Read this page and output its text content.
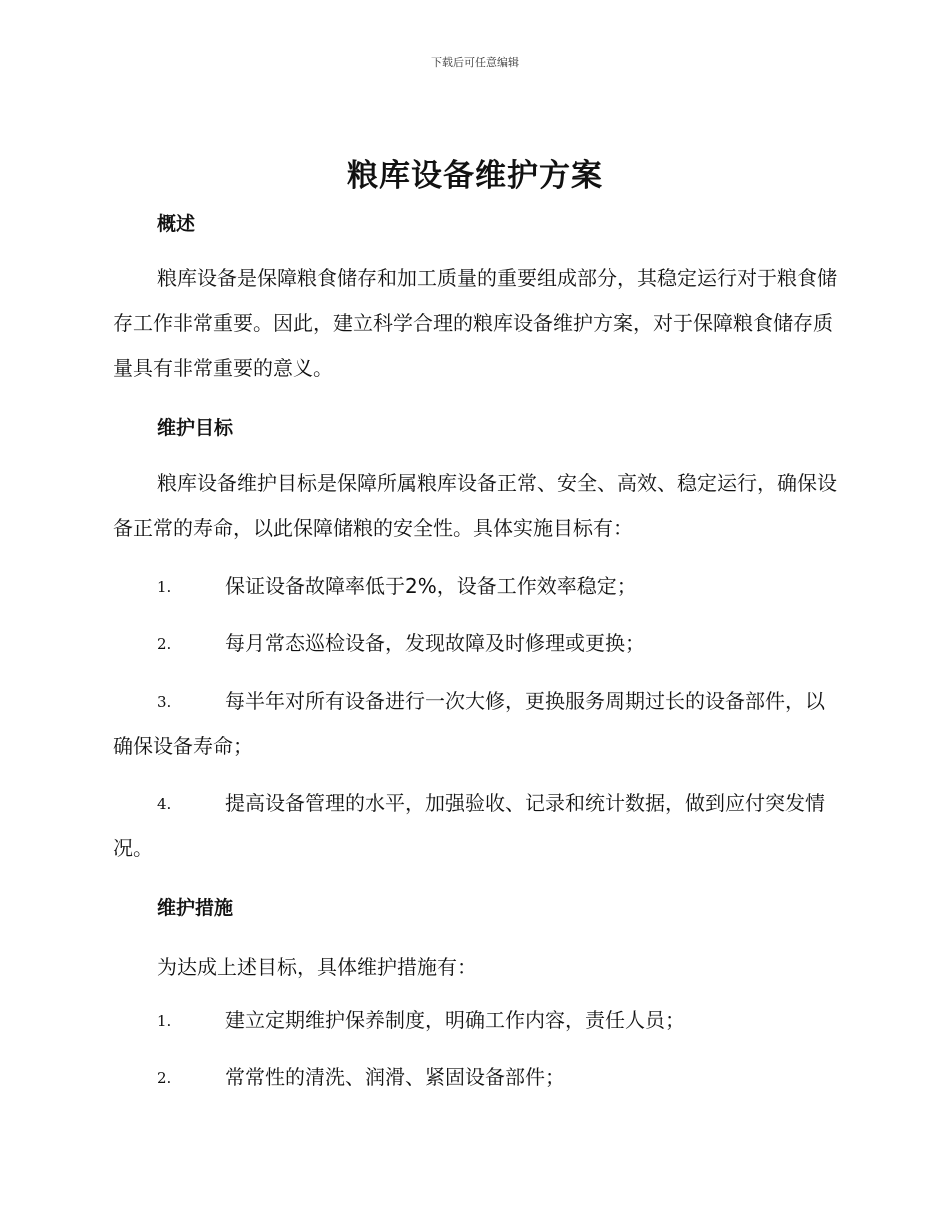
下载后可任意编辑
粮库设备维护方案
概述

粮库设备是保障粮食储存和加工质量的重要组成部分，其稳定运行对于粮食储存工作非常重要。因此，建立科学合理的粮库设备维护方案，对于保障粮食储存质量具有非常重要的意义。

维护目标

粮库设备维护目标是保障所属粮库设备正常、安全、高效、稳定运行，确保设备正常的寿命，以此保障储粮的安全性。具体实施目标有：

1.	保证设备故障率低于2%，设备工作效率稳定；

2.	每月常态巡检设备，发现故障及时修理或更换；

3.	每半年对所有设备进行一次大修，更换服务周期过长的设备部件，以确保设备寿命；

4.	提高设备管理的水平，加强验收、记录和统计数据，做到应付突发情况。

维护措施
为达成上述目标，具体维护措施有：

1.	建立定期维护保养制度，明确工作内容，责任人员；

2.	常常性的清洗、润滑、紧固设备部件；
